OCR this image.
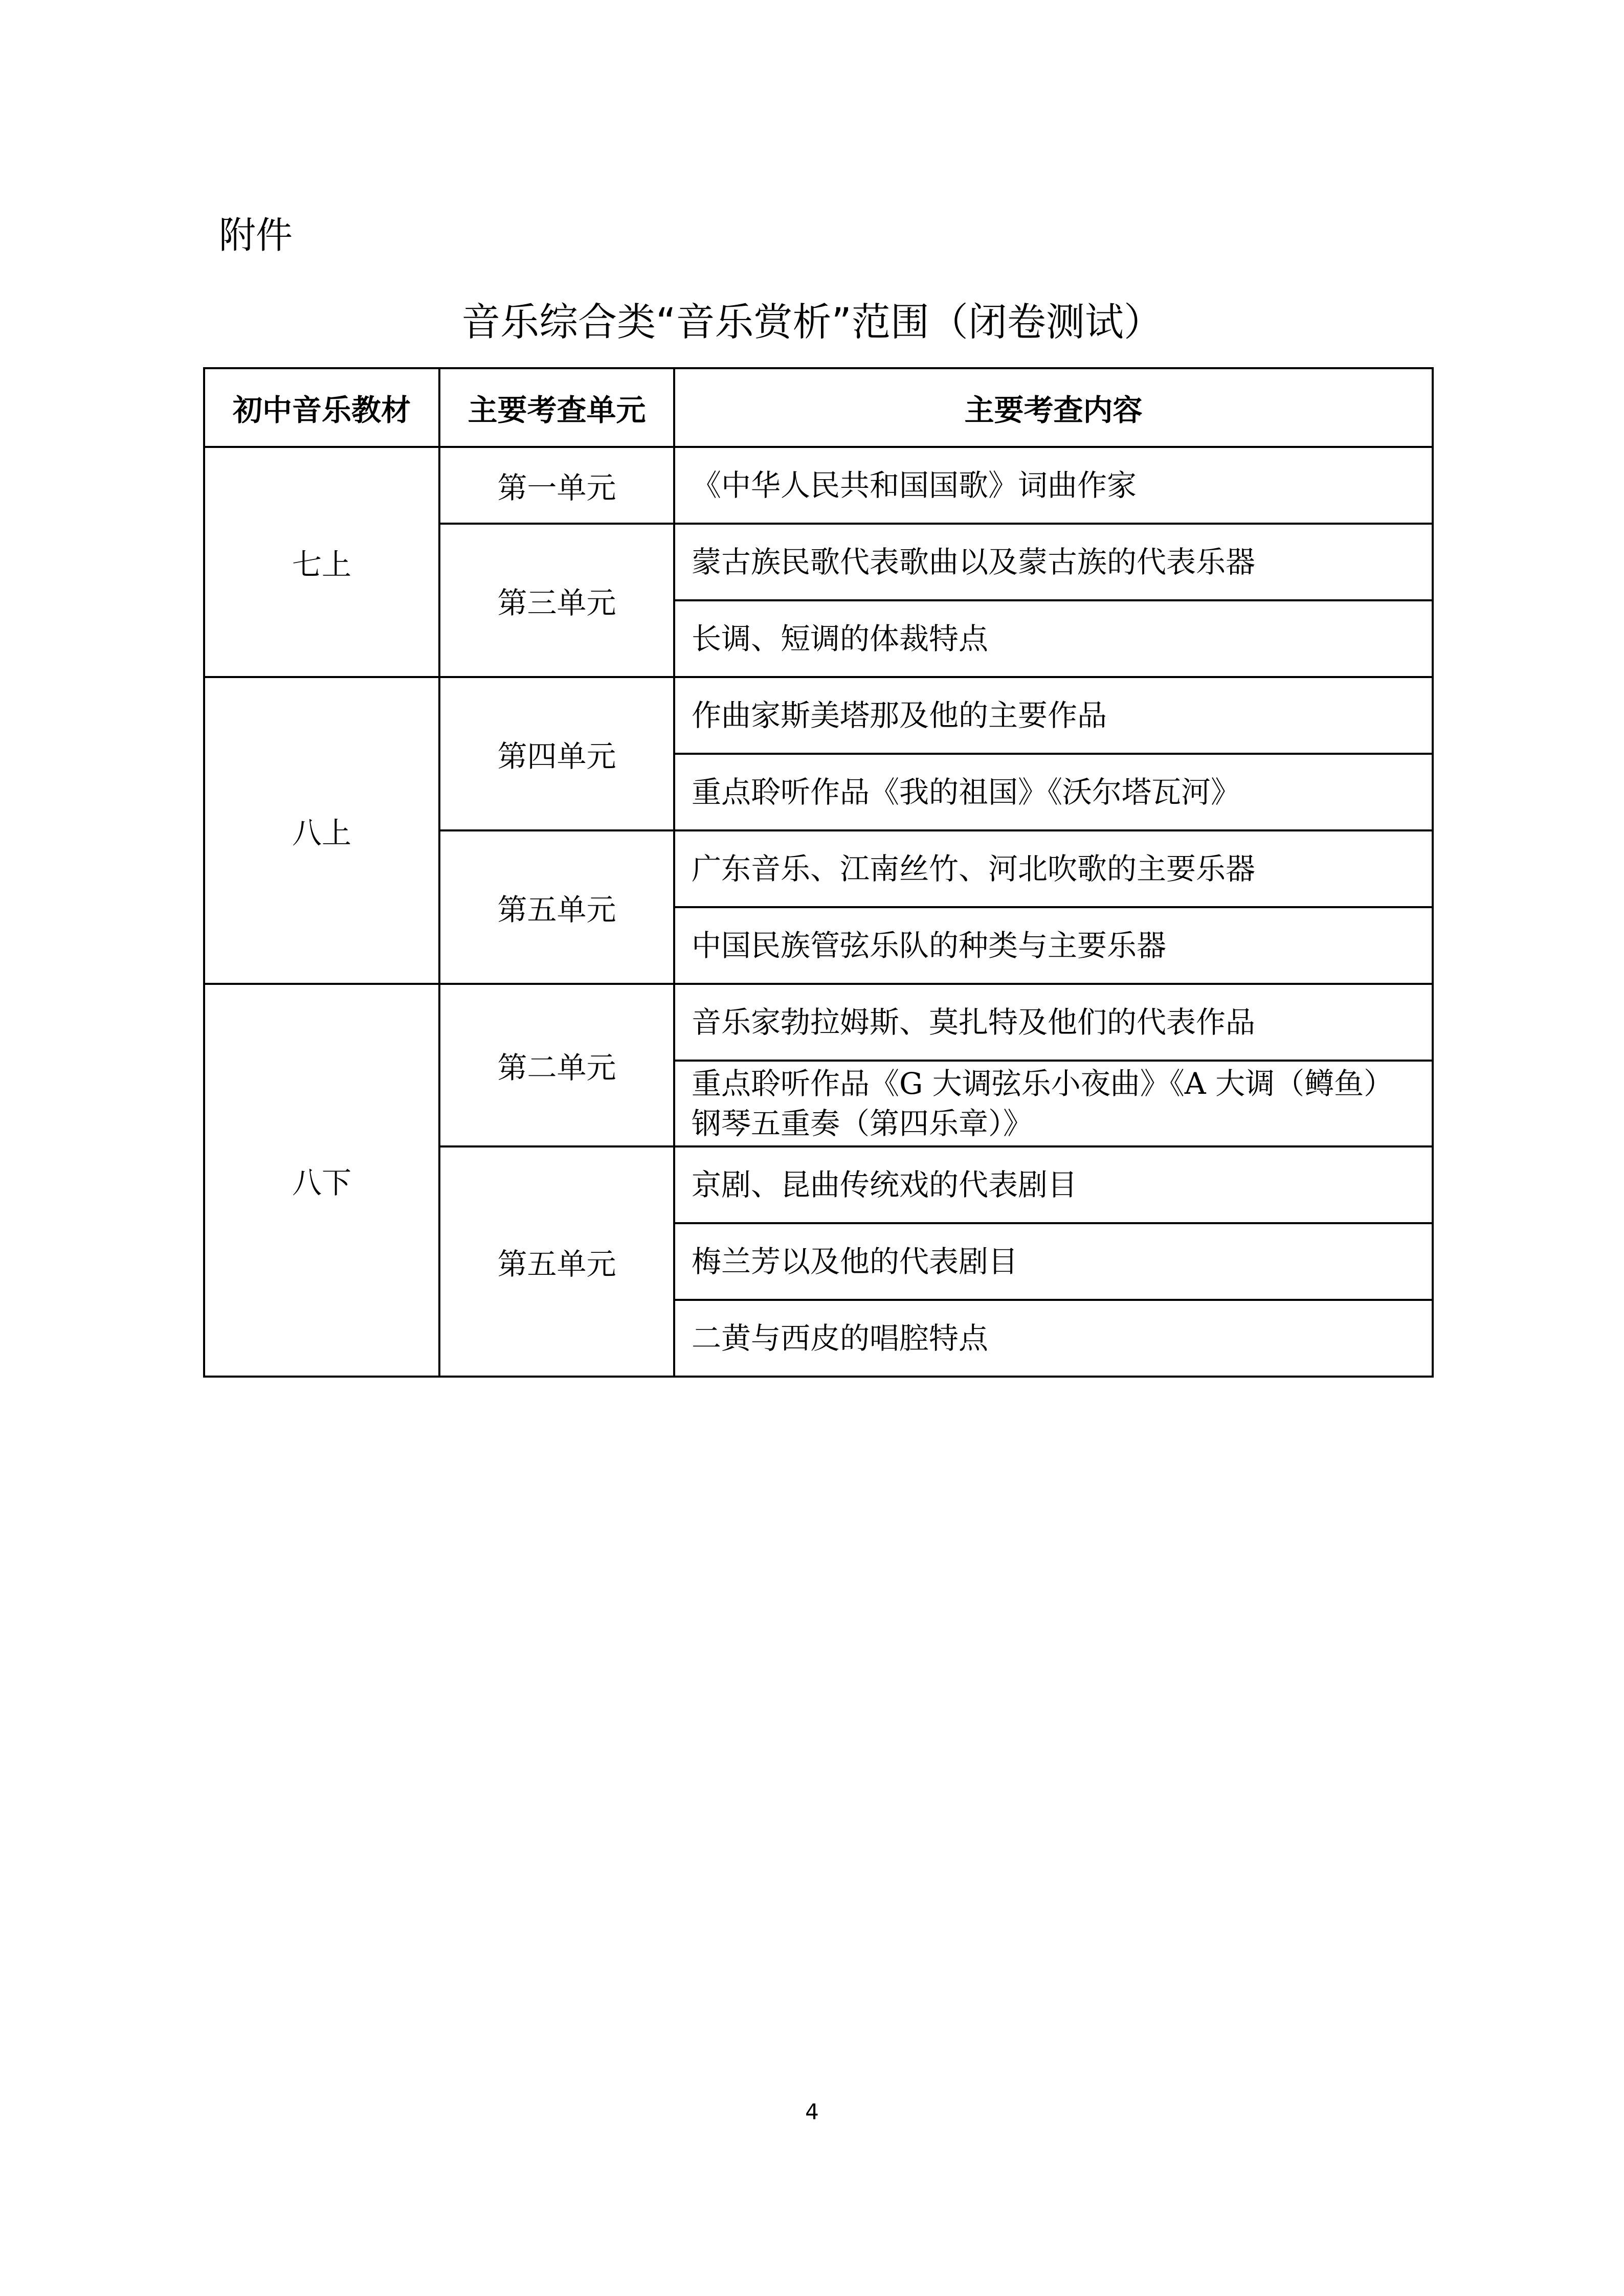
附件
音乐综合类“音乐赏析”范围（闭卷测试）
初中音乐教材	主要考查单元	主要考查内容
七上	第一单元	《中华人民共和国国歌》词曲作家
	第三单元	蒙古族民歌代表歌曲以及蒙古族的代表乐器
		长调、短调的体裁特点
八上	第四单元	作曲家斯美塔那及他的主要作品
		重点聆听作品《我的祖国》《沃尔塔瓦河》
	第五单元	广东音乐、江南丝竹、河北吹歌的主要乐器
		中国民族管弦乐队的种类与主要乐器
八下	第二单元	音乐家勃拉姆斯、莫扎特及他们的代表作品
		重点聆听作品《G 大调弦乐小夜曲》《A 大调（鳟鱼）钢琴五重奏（第四乐章）》
	第五单元	京剧、昆曲传统戏的代表剧目
		梅兰芳以及他的代表剧目
		二黄与西皮的唱腔特点
4
